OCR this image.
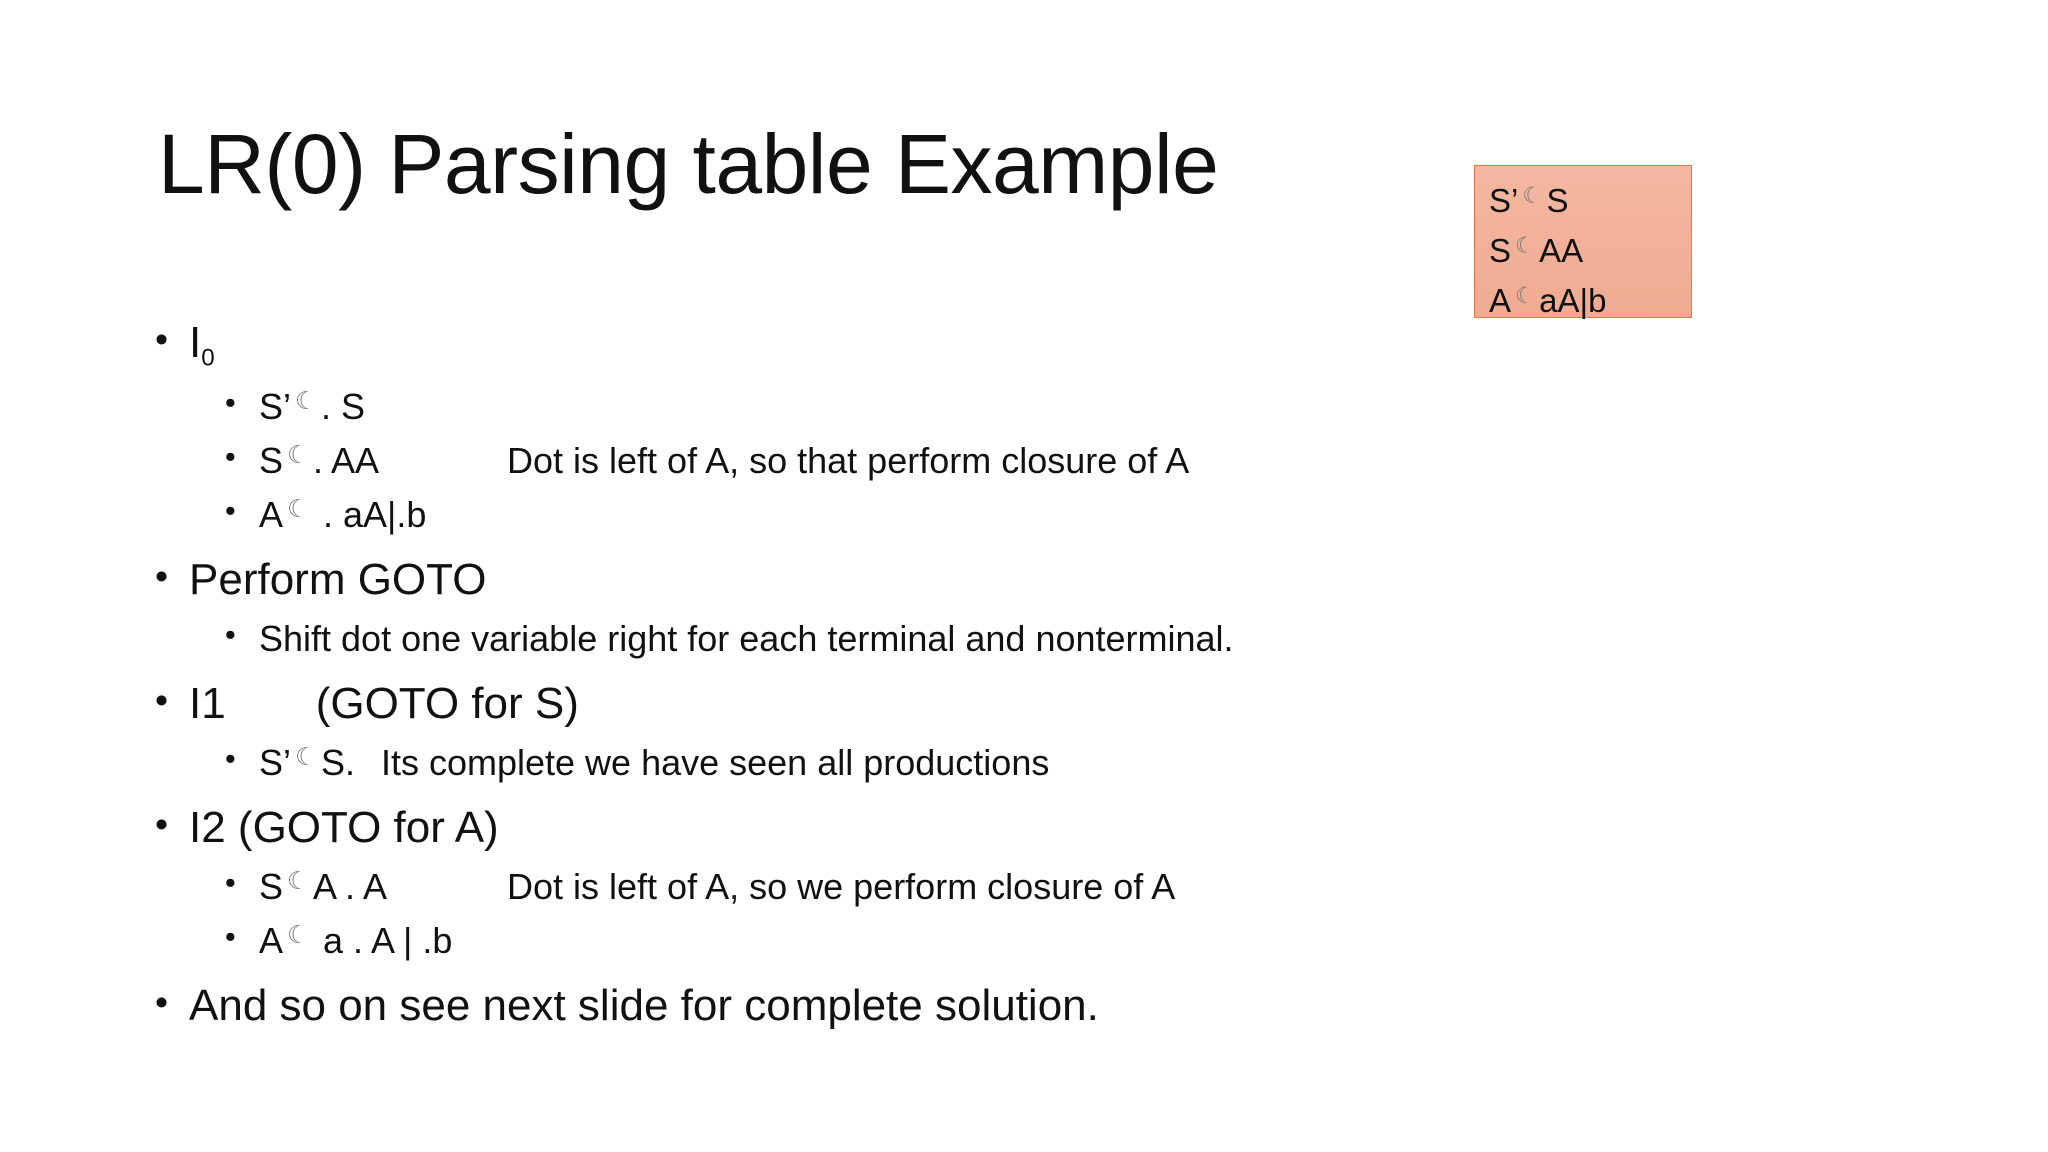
LR(0) Parsing table Example	S’ ☾ S
S ☾ AA
A ☾ aA|b
• $I_0$
• S’ ☾ . S
• S ☾ . AA	Dot is left of A, so that perform closure of A
• A ☾ . aA|.b
• Perform GOTO
• Shift dot one variable right for each terminal and nonterminal.
• I1 (GOTO for S)
• S’ ☾ S. Its complete we have seen all productions
• I2 (GOTO for A)
• S ☾ A . A	Dot is left of A, so we perform closure of A
• A ☾ a . A | .b
• And so on see next slide for complete solution.
